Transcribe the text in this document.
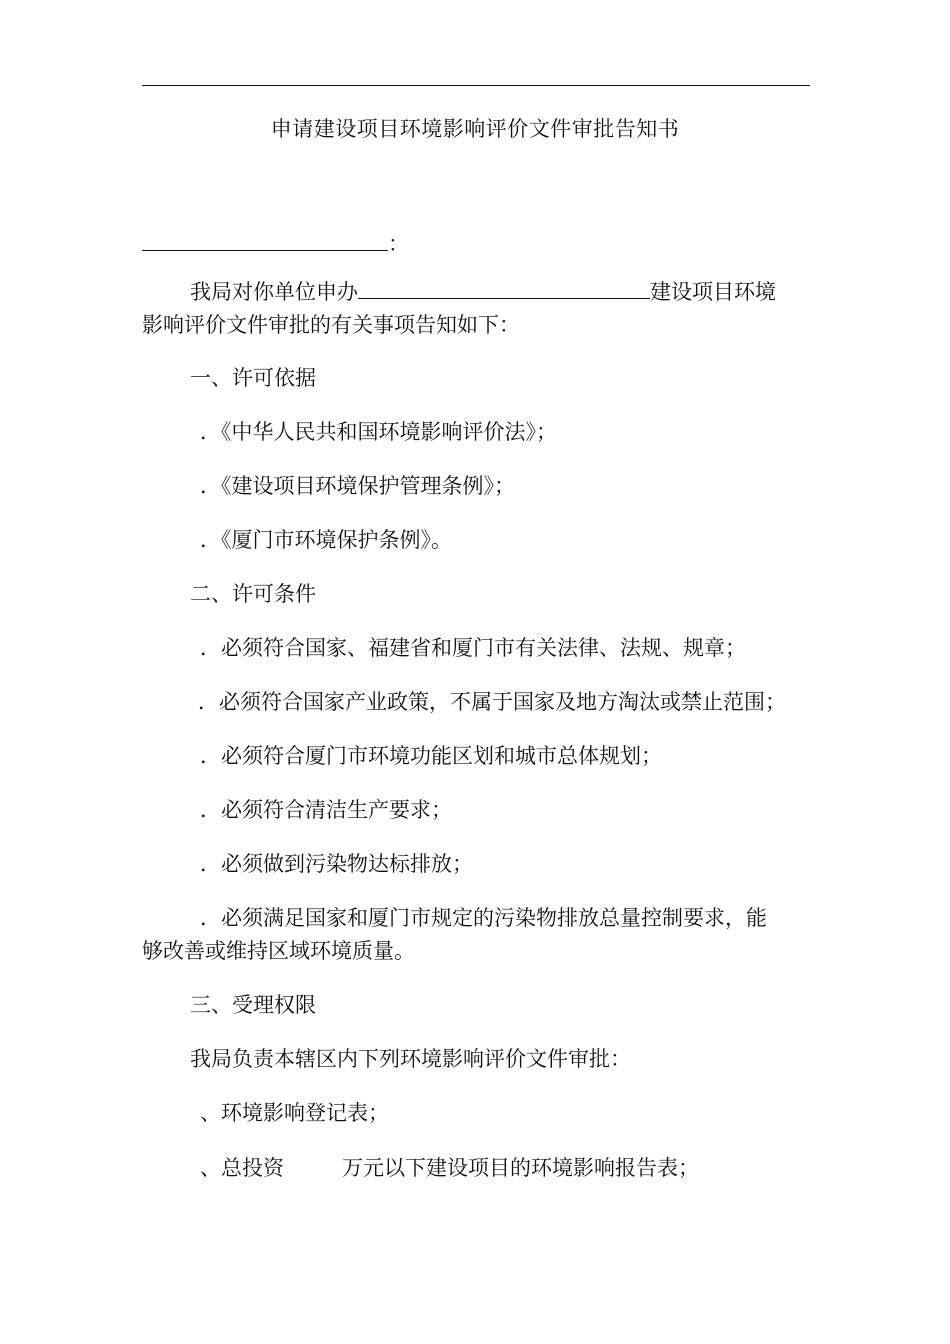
申请建设项目环境影响评价文件审批告知书
：
我局对你单位申办	建设项目环境
影响评价文件审批的有关事项告知如下：
一、许可依据
．《中华人民共和国环境影响评价法》；
．《建设项目环境保护管理条例》；
．《厦门市环境保护条例》。
二、许可条件
．必须符合国家、福建省和厦门市有关法律、法规、规章；
．必须符合国家产业政策，不属于国家及地方淘汰或禁止范围；
．必须符合厦门市环境功能区划和城市总体规划；
．必须符合清洁生产要求；
．必须做到污染物达标排放；
．必须满足国家和厦门市规定的污染物排放总量控制要求，能
够改善或维持区域环境质量。
三、受理权限
我局负责本辖区内下列环境影响评价文件审批：
、环境影响登记表；
、总投资	万元以下建设项目的环境影响报告表；
